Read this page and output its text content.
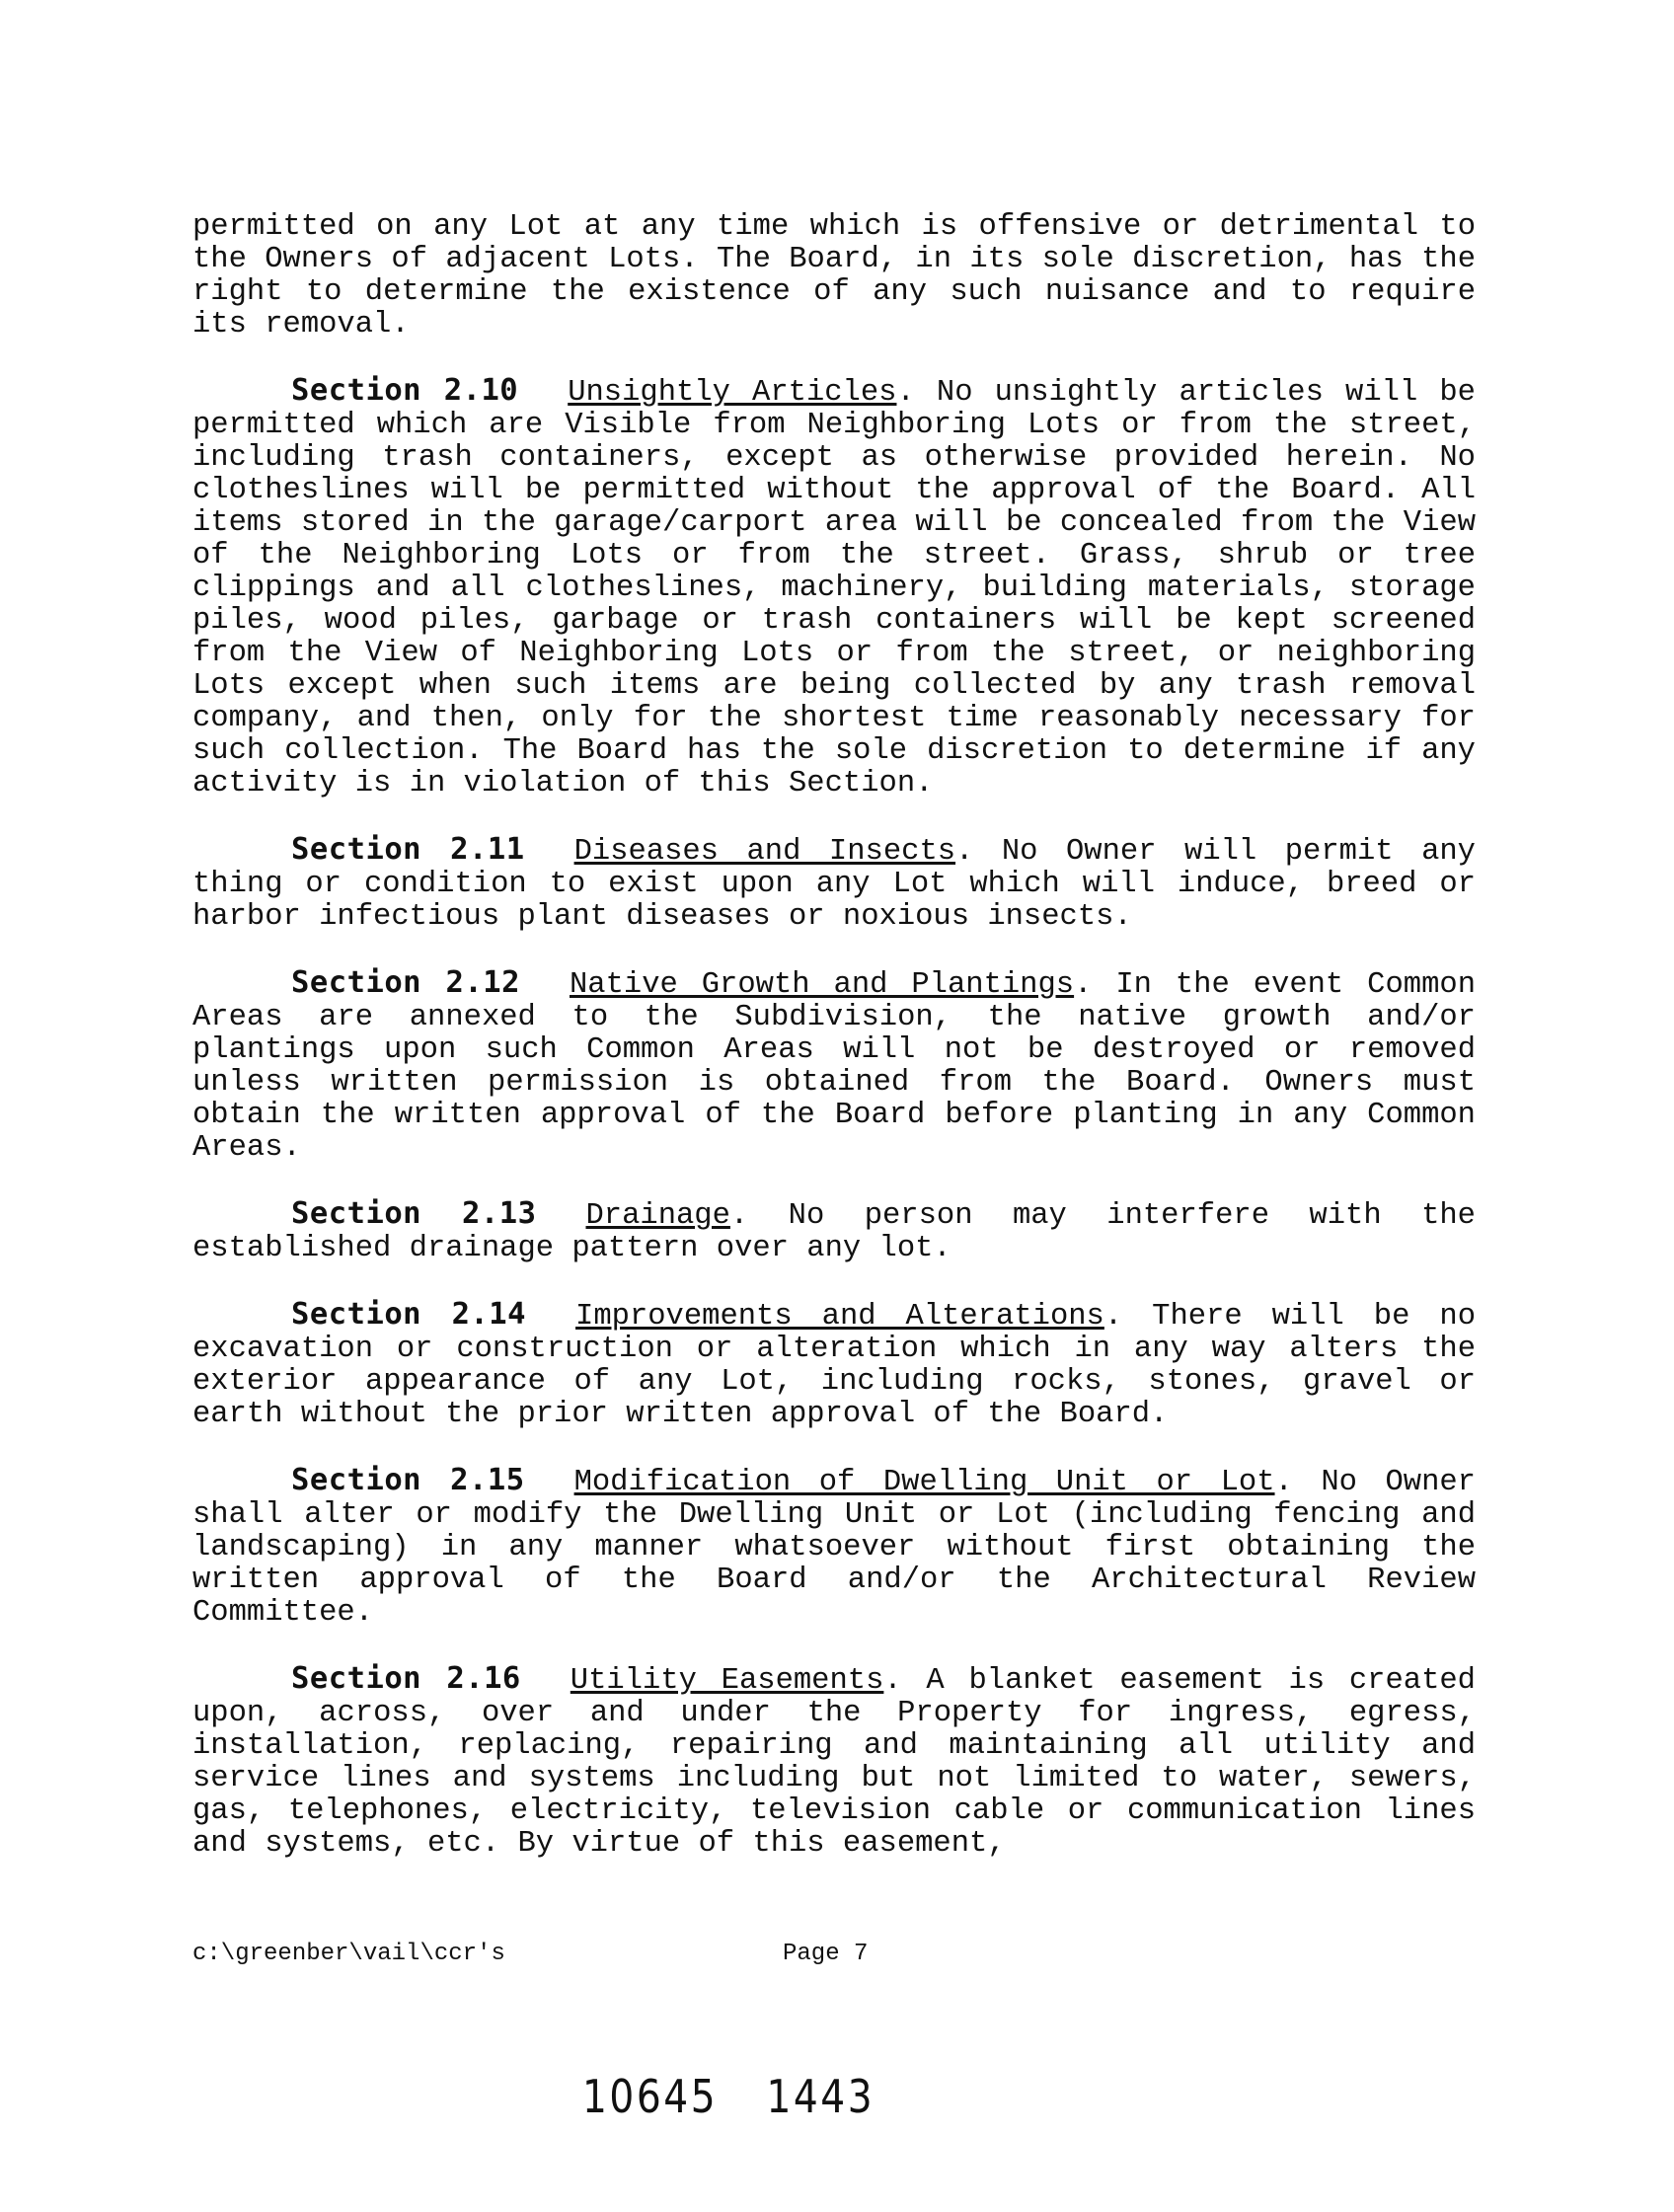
permitted on any Lot at any time which is offensive or detrimental to the Owners of adjacent Lots. The Board, in its sole discretion, has the right to determine the existence of any such nuisance and to require its removal.

Section 2.10 Unsightly Articles. No unsightly articles will be permitted which are Visible from Neighboring Lots or from the street, including trash containers, except as otherwise provided herein. No clotheslines will be permitted without the approval of the Board. All items stored in the garage/carport area will be concealed from the View of the Neighboring Lots or from the street. Grass, shrub or tree clippings and all clotheslines, machinery, building materials, storage piles, wood piles, garbage or trash containers will be kept screened from the View of Neighboring Lots or from the street, or neighboring Lots except when such items are being collected by any trash removal company, and then, only for the shortest time reasonably necessary for such collection. The Board has the sole discretion to determine if any activity is in violation of this Section.

Section 2.11 Diseases and Insects. No Owner will permit any thing or condition to exist upon any Lot which will induce, breed or harbor infectious plant diseases or noxious insects.

Section 2.12 Native Growth and Plantings. In the event Common Areas are annexed to the Subdivision, the native growth and/or plantings upon such Common Areas will not be destroyed or removed unless written permission is obtained from the Board. Owners must obtain the written approval of the Board before planting in any Common Areas.

Section 2.13 Drainage. No person may interfere with the established drainage pattern over any lot.

Section 2.14 Improvements and Alterations. There will be no excavation or construction or alteration which in any way alters the exterior appearance of any Lot, including rocks, stones, gravel or earth without the prior written approval of the Board.

Section 2.15 Modification of Dwelling Unit or Lot. No Owner shall alter or modify the Dwelling Unit or Lot (including fencing and landscaping) in any manner whatsoever without first obtaining the written approval of the Board and/or the Architectural Review Committee.

Section 2.16 Utility Easements. A blanket easement is created upon, across, over and under the Property for ingress, egress, installation, replacing, repairing and maintaining all utility and service lines and systems including but not limited to water, sewers, gas, telephones, electricity, television cable or communication lines and systems, etc. By virtue of this easement,

c:\greenber\vail\ccr's	Page 7
10645 1443
